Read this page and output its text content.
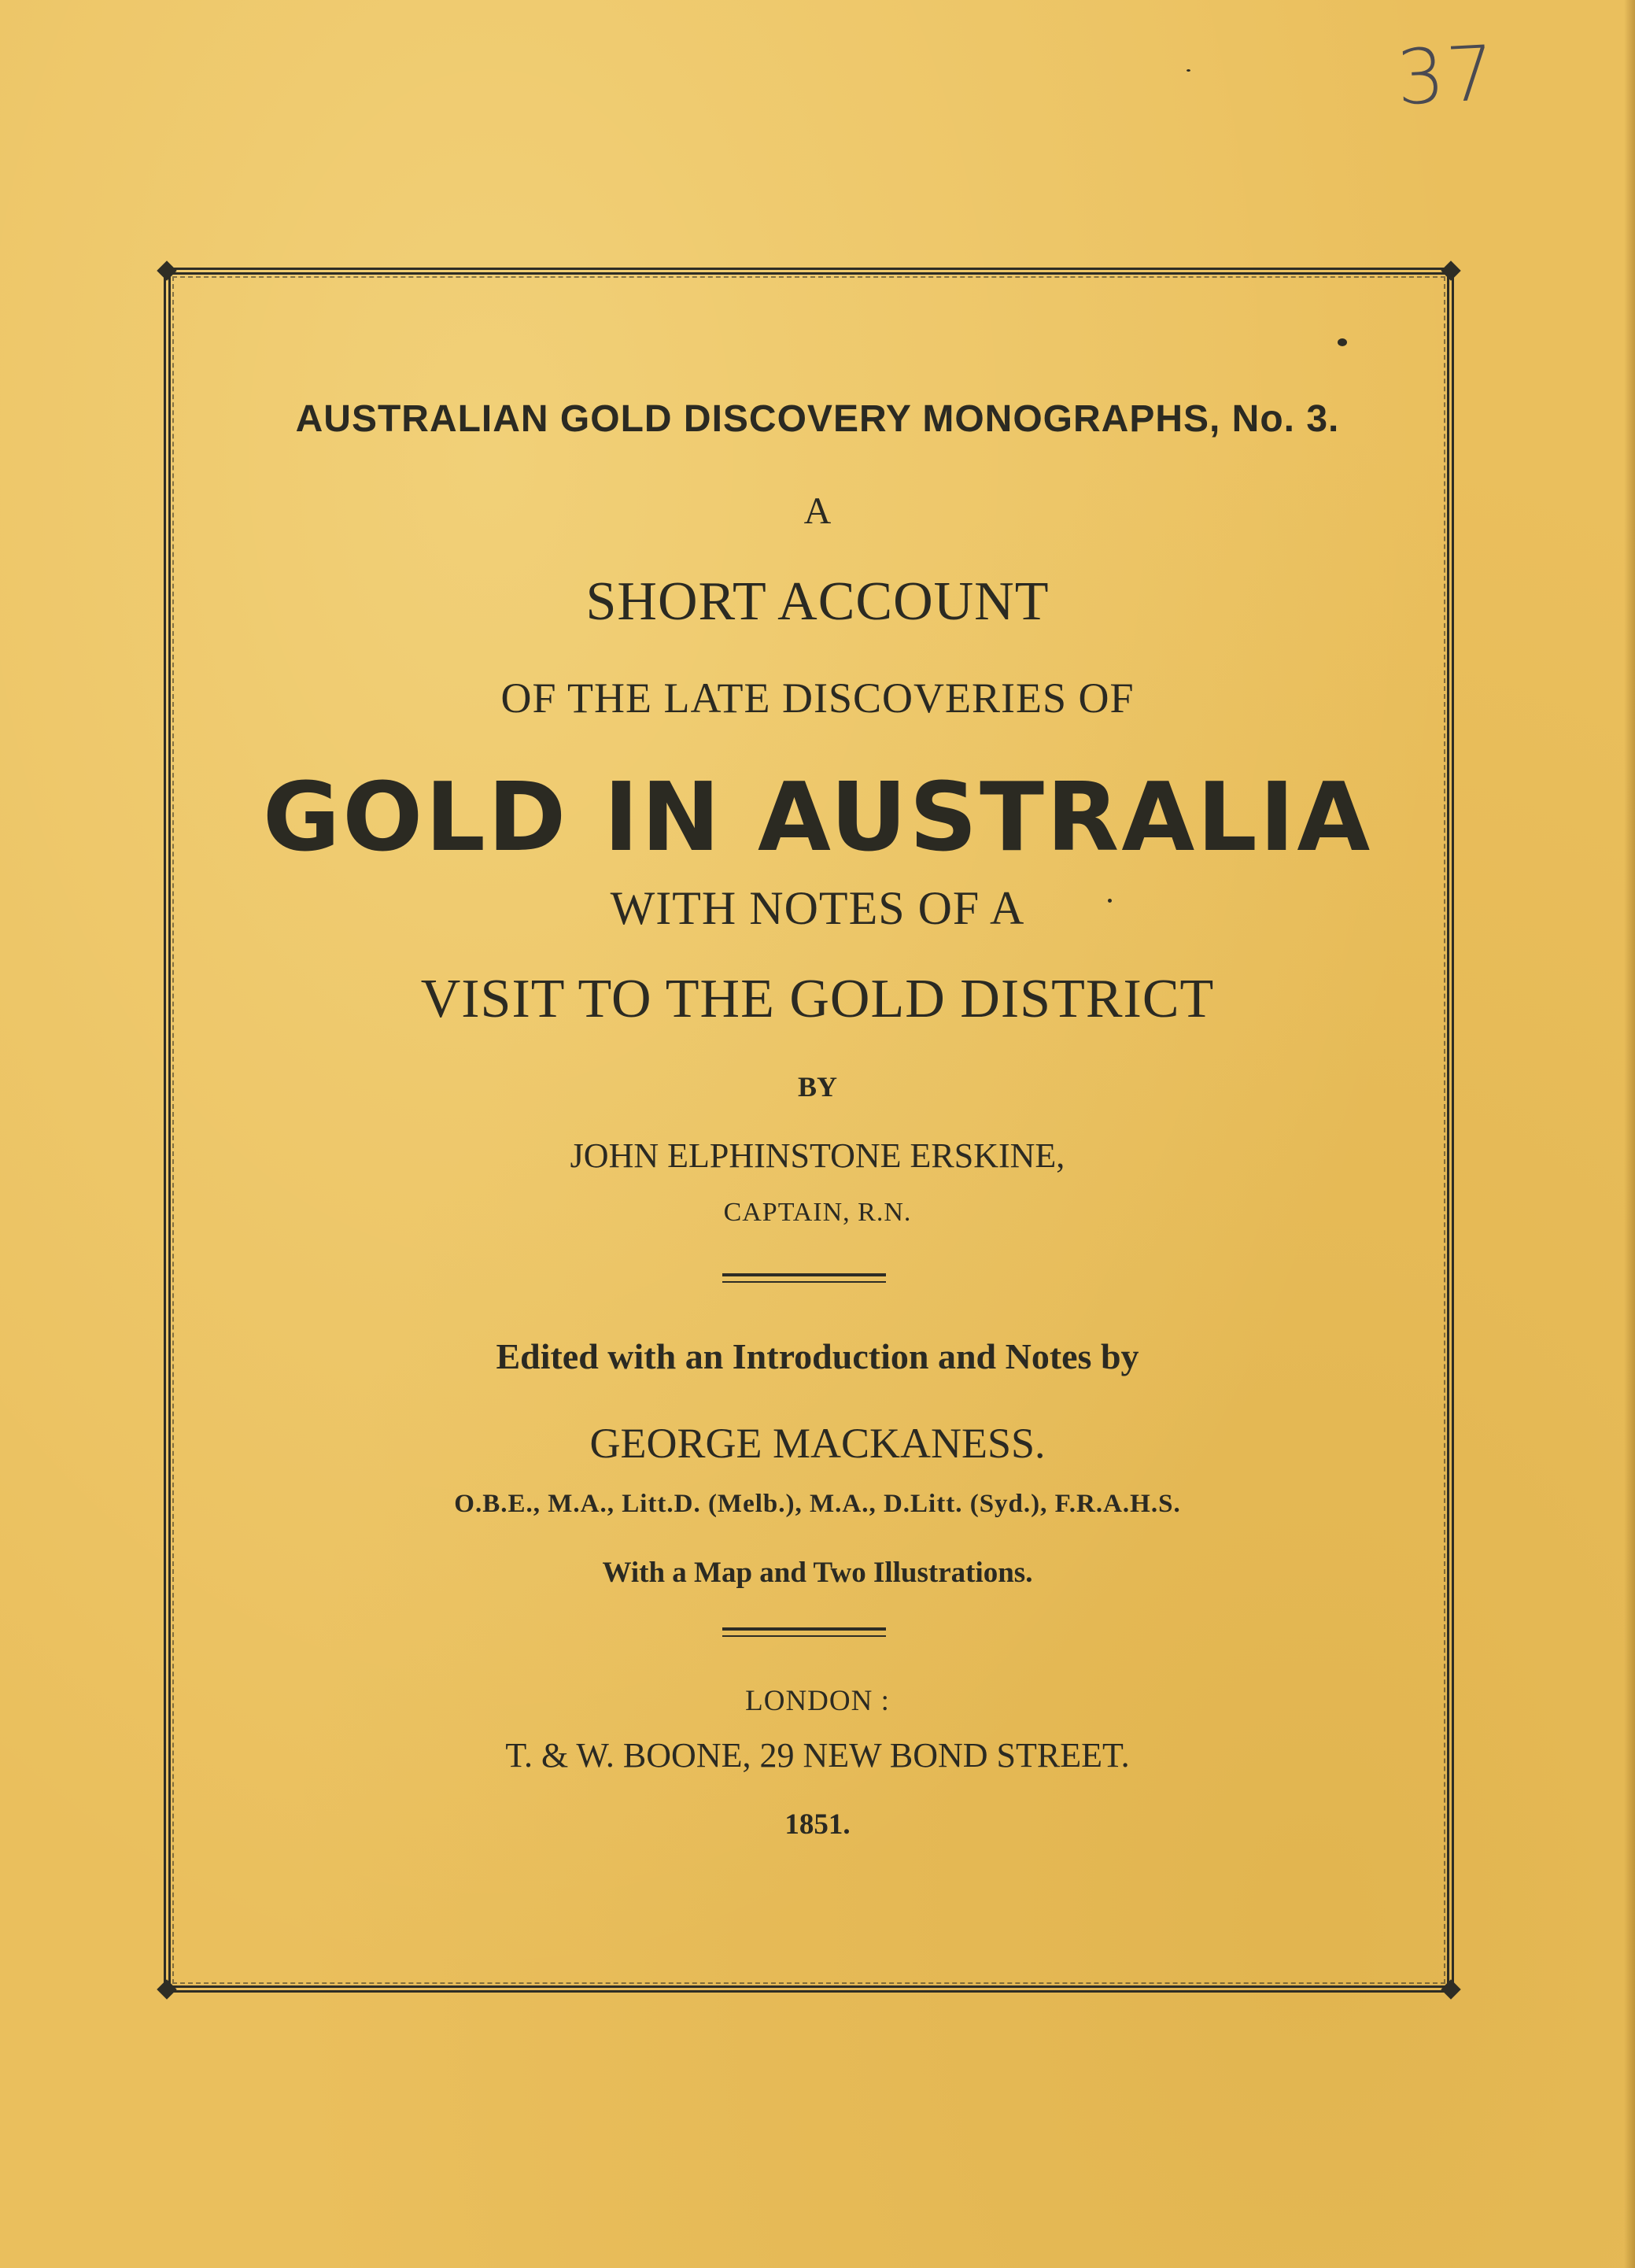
37
AUSTRALIAN GOLD DISCOVERY MONOGRAPHS, No. 3.
A
SHORT ACCOUNT
OF THE LATE DISCOVERIES OF
GOLD IN AUSTRALIA
WITH NOTES OF A
VISIT TO THE GOLD DISTRICT
BY
JOHN ELPHINSTONE ERSKINE,
CAPTAIN, R.N.
Edited with an Introduction and Notes by
GEORGE MACKANESS.
O.B.E., M.A., Litt.D. (Melb.), M.A., D.Litt. (Syd.), F.R.A.H.S.
With a Map and Two Illustrations.
LONDON :
T. & W. BOONE, 29 NEW BOND STREET.
1851.
